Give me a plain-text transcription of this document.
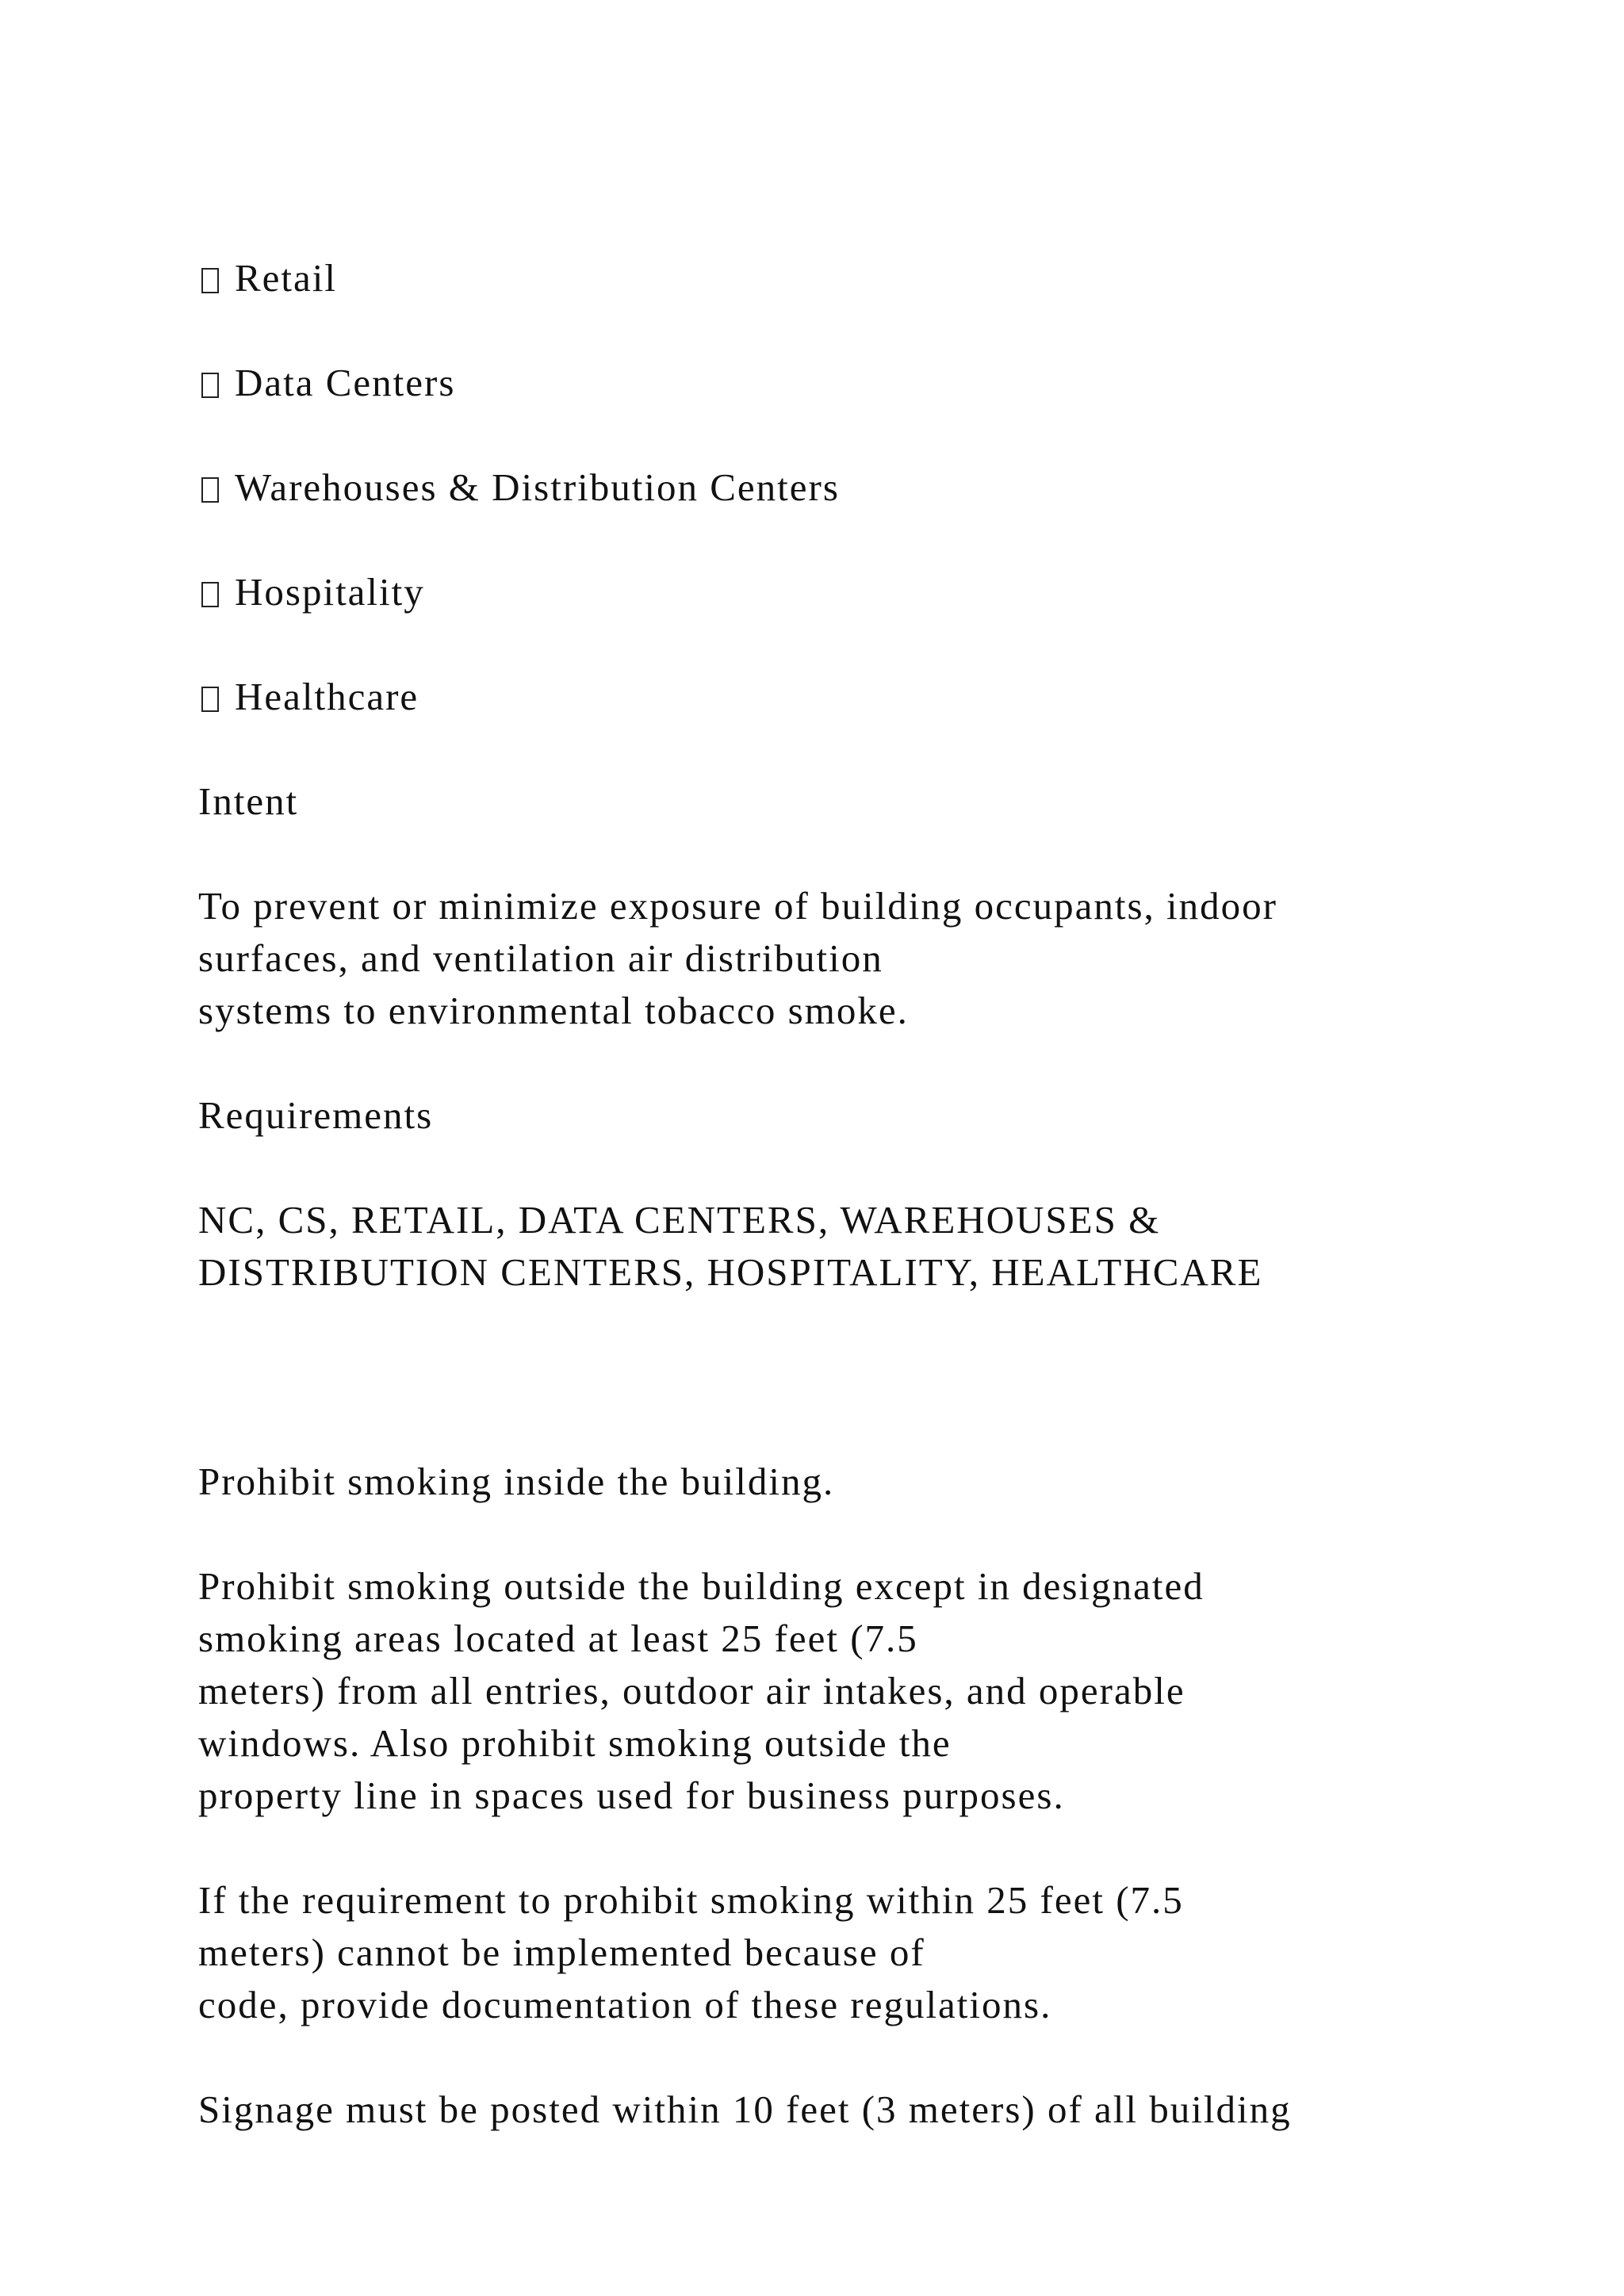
Retail
Data Centers
Warehouses & Distribution Centers
Hospitality
Healthcare

Intent

To prevent or minimize exposure of building occupants, indoor
surfaces, and ventilation air distribution
systems to environmental tobacco smoke.

Requirements

NC, CS, RETAIL, DATA CENTERS, WAREHOUSES &
DISTRIBUTION CENTERS, HOSPITALITY, HEALTHCARE

Prohibit smoking inside the building.

Prohibit smoking outside the building except in designated
smoking areas located at least 25 feet (7.5
meters) from all entries, outdoor air intakes, and operable
windows. Also prohibit smoking outside the
property line in spaces used for business purposes.

If the requirement to prohibit smoking within 25 feet (7.5
meters) cannot be implemented because of
code, provide documentation of these regulations.

Signage must be posted within 10 feet (3 meters) of all building
